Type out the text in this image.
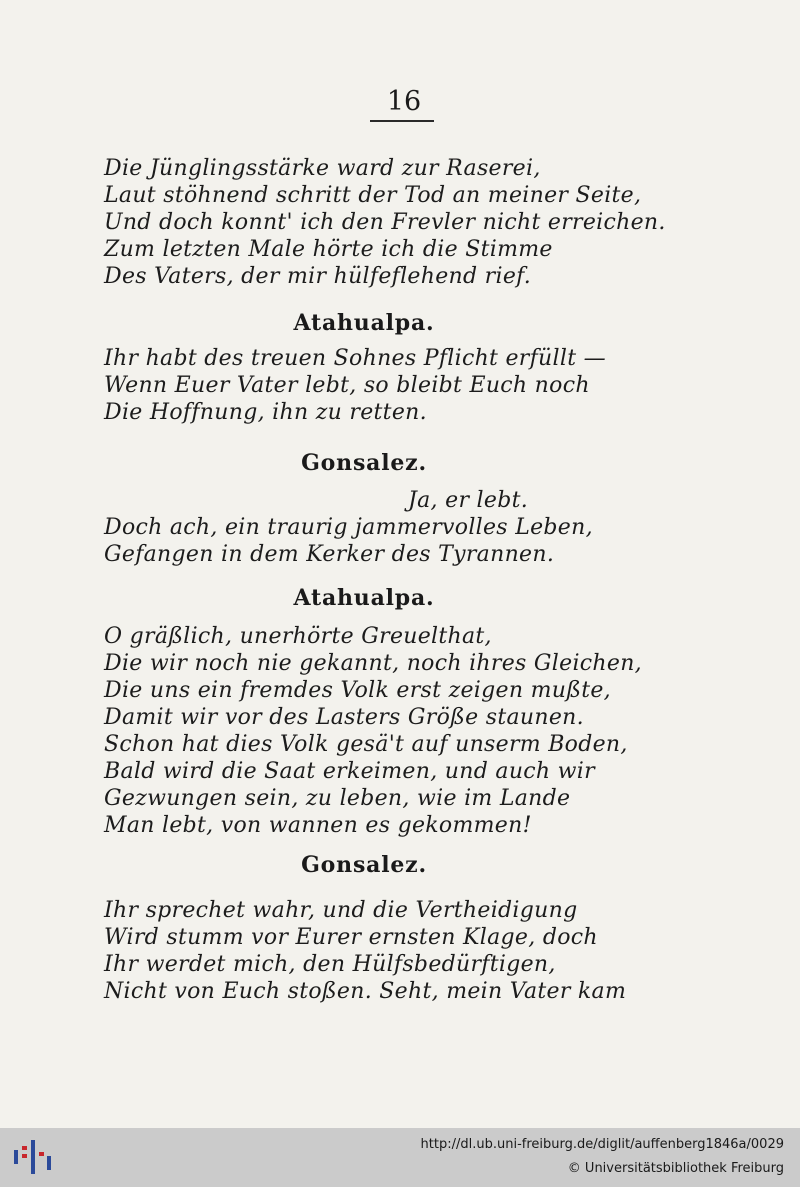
16
Die Jünglingsstärke ward zur Raserei,
Laut stöhnend schritt der Tod an meiner Seite,
Und doch konnt' ich den Frevler nicht erreichen.
Zum letzten Male hörte ich die Stimme
Des Vaters, der mir hülfeflehend rief.
Atahualpa.
Ihr habt des treuen Sohnes Pflicht erfüllt —
Wenn Euer Vater lebt, so bleibt Euch noch
Die Hoffnung, ihn zu retten.
Gonsalez.
Ja, er lebt.
Doch ach, ein traurig jammervolles Leben,
Gefangen in dem Kerker des Tyrannen.
Atahualpa.
O gräßlich, unerhörte Greuelthat,
Die wir noch nie gekannt, noch ihres Gleichen,
Die uns ein fremdes Volk erst zeigen mußte,
Damit wir vor des Lasters Größe staunen.
Schon hat dies Volk gesä't auf unserm Boden,
Bald wird die Saat erkeimen, und auch wir
Gezwungen sein, zu leben, wie im Lande
Man lebt, von wannen es gekommen!
Gonsalez.
Ihr sprechet wahr, und die Vertheidigung
Wird stumm vor Eurer ernsten Klage, doch
Ihr werdet mich, den Hülfsbedürftigen,
Nicht von Euch stoßen. Seht, mein Vater kam
http://dl.ub.uni-freiburg.de/diglit/auffenberg1846a/0029
© Universitätsbibliothek Freiburg
